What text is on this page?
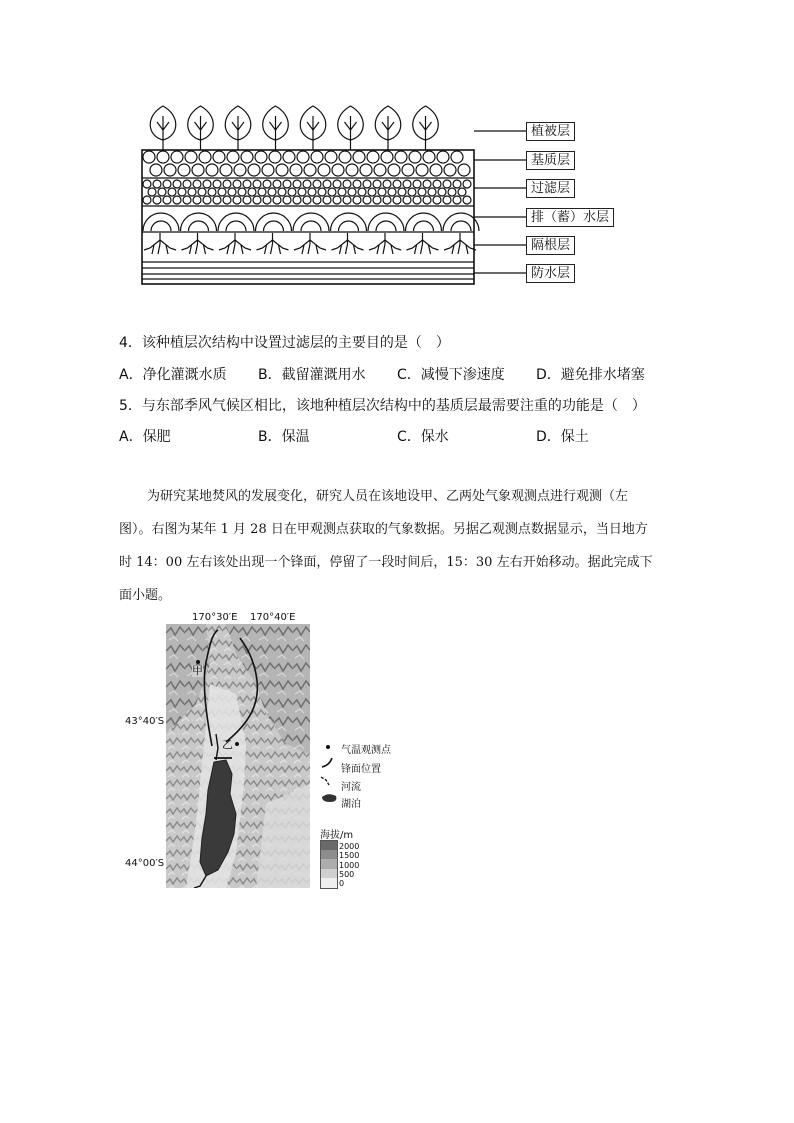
植被层
基质层
过滤层
排（蓄）水层
隔根层
防水层
4．该种植层次结构中设置过滤层的主要目的是（　）
A．净化灌溉水质 B．截留灌溉用水 C．减慢下渗速度 D．避免排水堵塞
5．与东部季风气候区相比，该地种植层次结构中的基质层最需要注重的功能是（　）
A．保肥	B．保温	C．保水	D．保土
为研究某地焚风的发展变化，研究人员在该地设甲、乙两处气象观测点进行观测（左
图）。右图为某年 1 月 28 日在甲观测点获取的气象数据。另据乙观测点数据显示，当日地方
时 14：00 左右该处出现一个锋面，停留了一段时间后，15：30 左右开始移动。据此完成下
面小题。
170°30′E 170°40′E
43°40′S
44°00′S
甲
乙	气温观测点
锋面位置
河流
湖泊
海拔/m
2000
1500
1000
500
0
